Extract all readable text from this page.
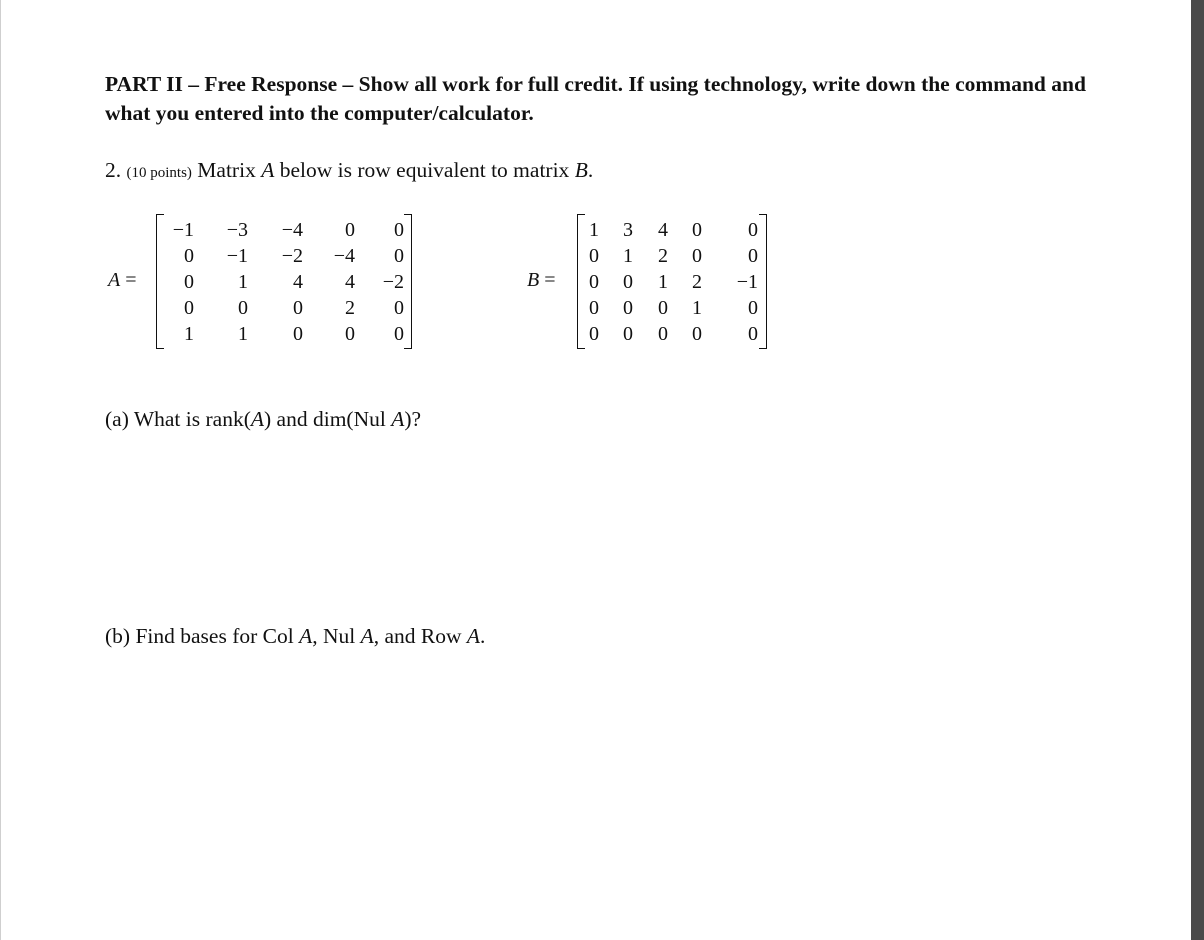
PART II – Free Response – Show all work for full credit. If using technology, write down the command and what you entered into the computer/calculator.
2. (10 points) Matrix A below is row equivalent to matrix B.
A =
−1	−3	−4	0	0
0	−1	−2	−4	0
0	1	4	4	−2
0	0	0	2	0
1	1	0	0	0
B =
1	3	4	0	0
0	1	2	0	0
0	0	1	2	−1
0	0	0	1	0
0	0	0	0	0
(a) What is rank(A) and dim(Nul A)?
(b) Find bases for Col A, Nul A, and Row A.
